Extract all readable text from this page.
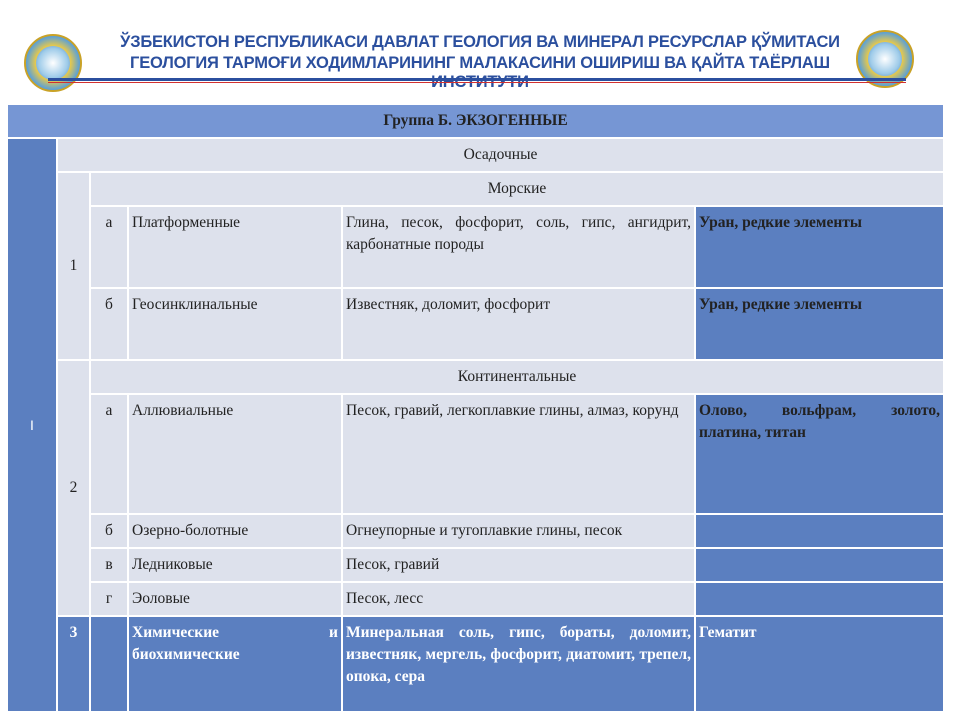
ЎЗБЕКИСТОН РЕСПУБЛИКАСИ ДАВЛАТ ГЕОЛОГИЯ ВА МИНЕРАЛ РЕСУРСЛАР ҚЎМИТАСИ
ГЕОЛОГИЯ ТАРМОҒИ ХОДИМЛАРИНИНГ МАЛАКАСИНИ ОШИРИШ ВА ҚАЙТА ТАЁРЛАШ
Группа Б. ЭКЗОГЕННЫЕ					
I	Осадочные				
	1	Морские			
		а	Платформенные	Глина, песок, фосфорит, соль, гипс, ангидрит, карбонатные породы	Уран, редкие элементы
		б	Геосинклинальные	Известняк, доломит, фосфорит	Уран, редкие элементы
	2	Континентальные			
		а	Аллювиальные	Песок, гравий, легкоплавкие глины, алмаз, корунд	Олово, вольфрам, золото, платина, титан
		б	Озерно-болотные	Огнеупорные и тугоплавкие глины, песок	
		в	Ледниковые	Песок, гравий	
		г	Эоловые	Песок, лесс	
	3		Химические и биохимические	Минеральная соль, гипс, бораты, доломит, известняк, мергель, фосфорит, диатомит, трепел, опока, сера	Гематит
